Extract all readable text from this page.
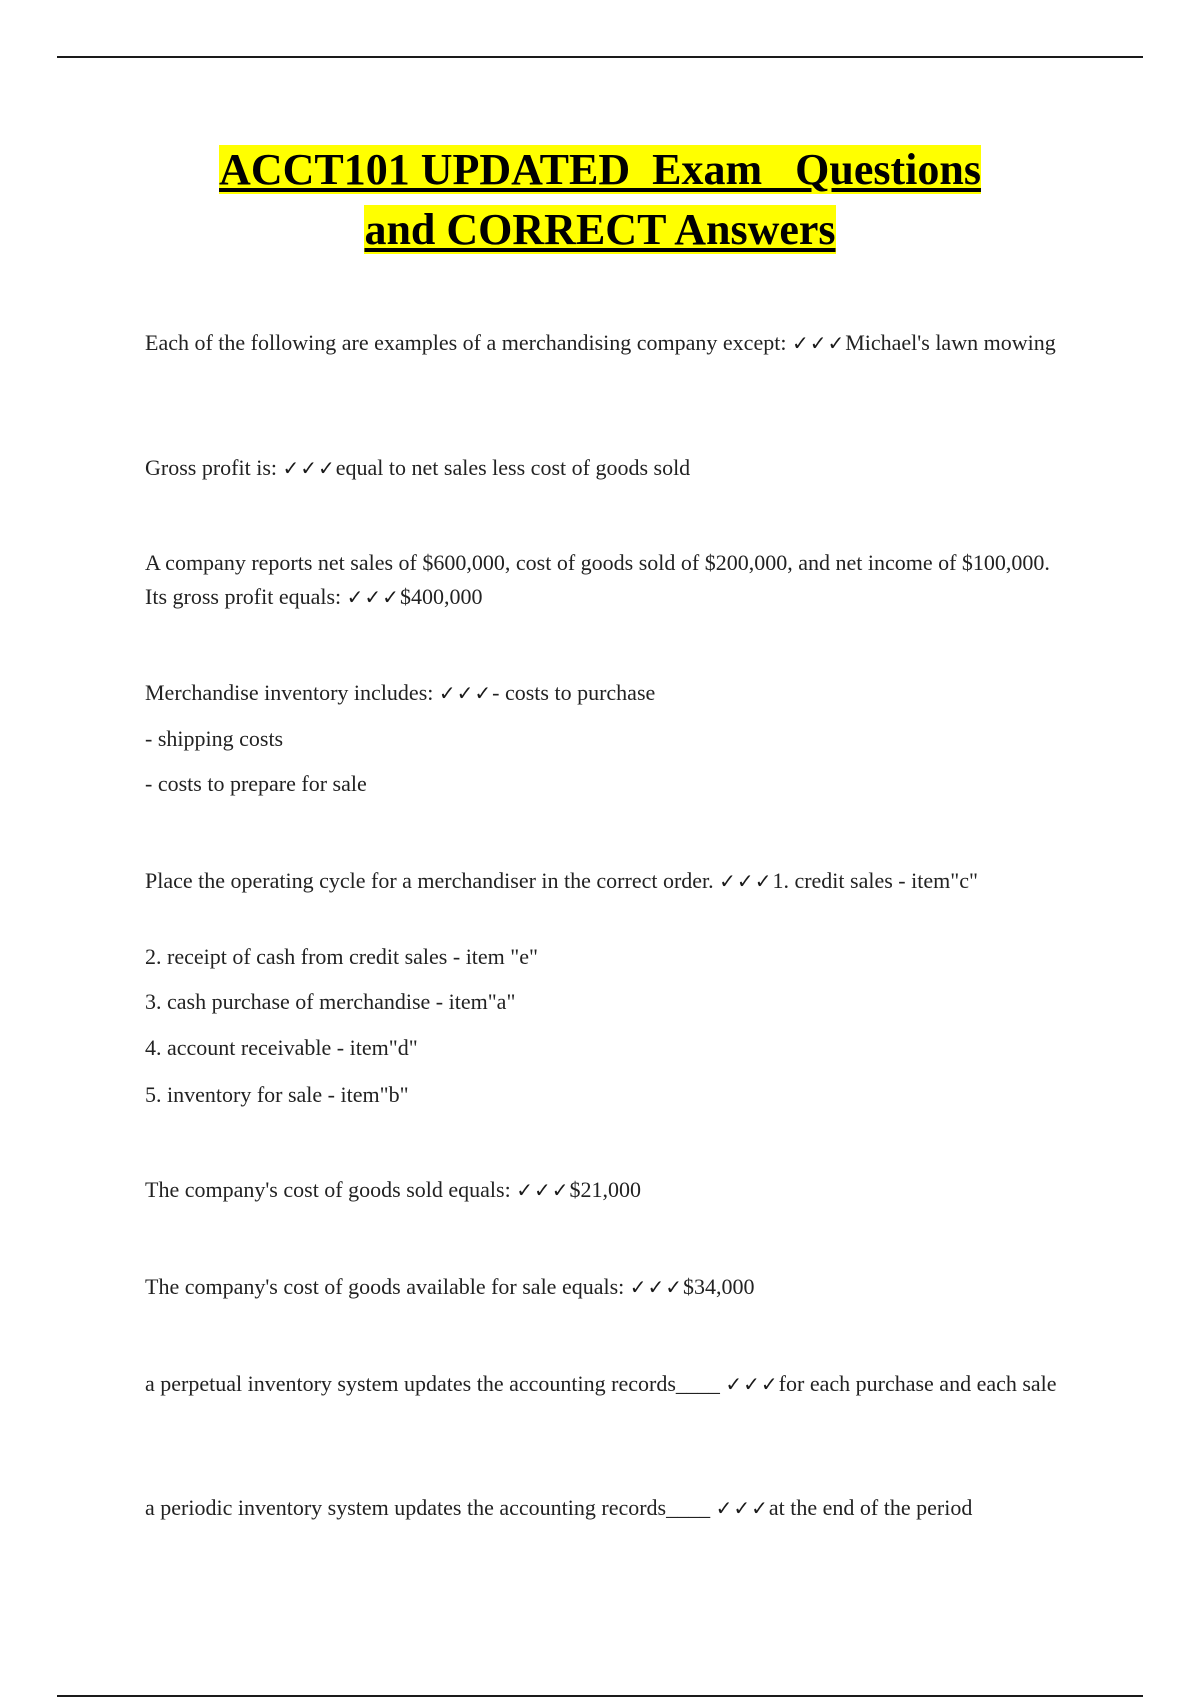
ACCT101 UPDATED  Exam   Questions
and CORRECT Answers
Each of the following are examples of a merchandising company except: ✓✓✓Michael's lawn mowing
Gross profit is: ✓✓✓equal to net sales less cost of goods sold
A company reports net sales of $600,000, cost of goods sold of $200,000, and net income of $100,000. Its gross profit equals: ✓✓✓$400,000
Merchandise inventory includes: ✓✓✓- costs to purchase
- shipping costs
- costs to prepare for sale
Place the operating cycle for a merchandiser in the correct order. ✓✓✓1. credit sales - item"c"
2. receipt of cash from credit sales - item "e"
3. cash purchase of merchandise - item"a"
4. account receivable - item"d"
5. inventory for sale - item"b"
The company's cost of goods sold equals: ✓✓✓$21,000
The company's cost of goods available for sale equals: ✓✓✓$34,000
a perpetual inventory system updates the accounting records____ ✓✓✓for each purchase and each sale
a periodic inventory system updates the accounting records____ ✓✓✓at the end of the period
